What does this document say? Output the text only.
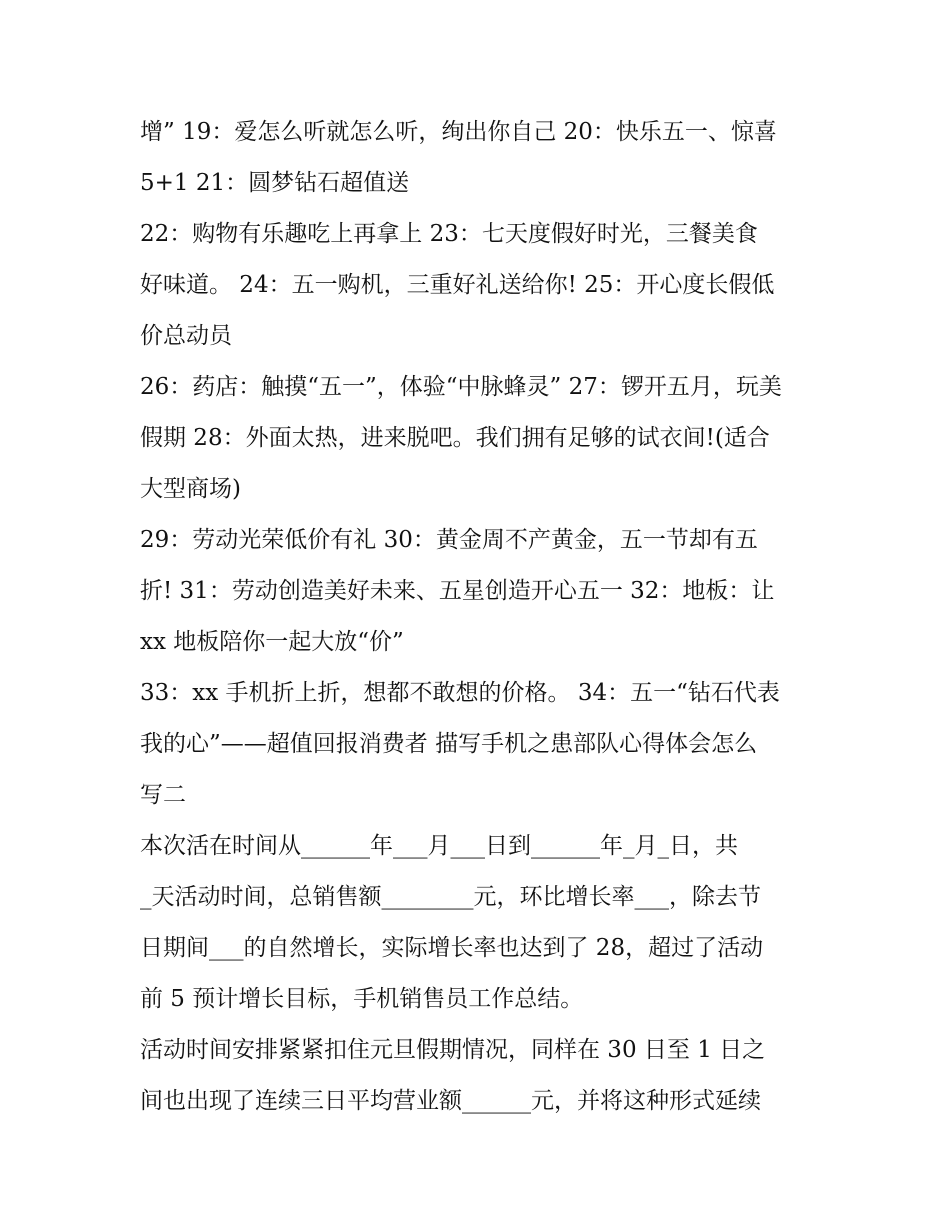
增” 19：爱怎么听就怎么听，绚出你自己 20：快乐五一、惊喜
5+1 21：圆梦钻石超值送
22：购物有乐趣吃上再拿上 23：七天度假好时光，三餐美食
好味道。 24：五一购机，三重好礼送给你! 25：开心度长假低
价总动员
26：药店：触摸“五一”，体验“中脉蜂灵” 27：锣开五月，玩美
假期 28：外面太热，进来脱吧。我们拥有足够的试衣间!(适合
大型商场)
29：劳动光荣低价有礼 30：黄金周不产黄金，五一节却有五
折! 31：劳动创造美好未来、五星创造开心五一 32：地板：让
xx 地板陪你一起大放“价”
33：xx 手机折上折，想都不敢想的价格。 34：五一“钻石代表
我的心”——超值回报消费者 描写手机之患部队心得体会怎么
写二
本次活在时间从______年___月___日到______年_月_日，共
_天活动时间，总销售额________元，环比增长率___，除去节
日期间___的自然增长，实际增长率也达到了 28，超过了活动
前 5 预计增长目标，手机销售员工作总结。
活动时间安排紧紧扣住元旦假期情况，同样在 30 日至 1 日之
间也出现了连续三日平均营业额______元，并将这种形式延续
